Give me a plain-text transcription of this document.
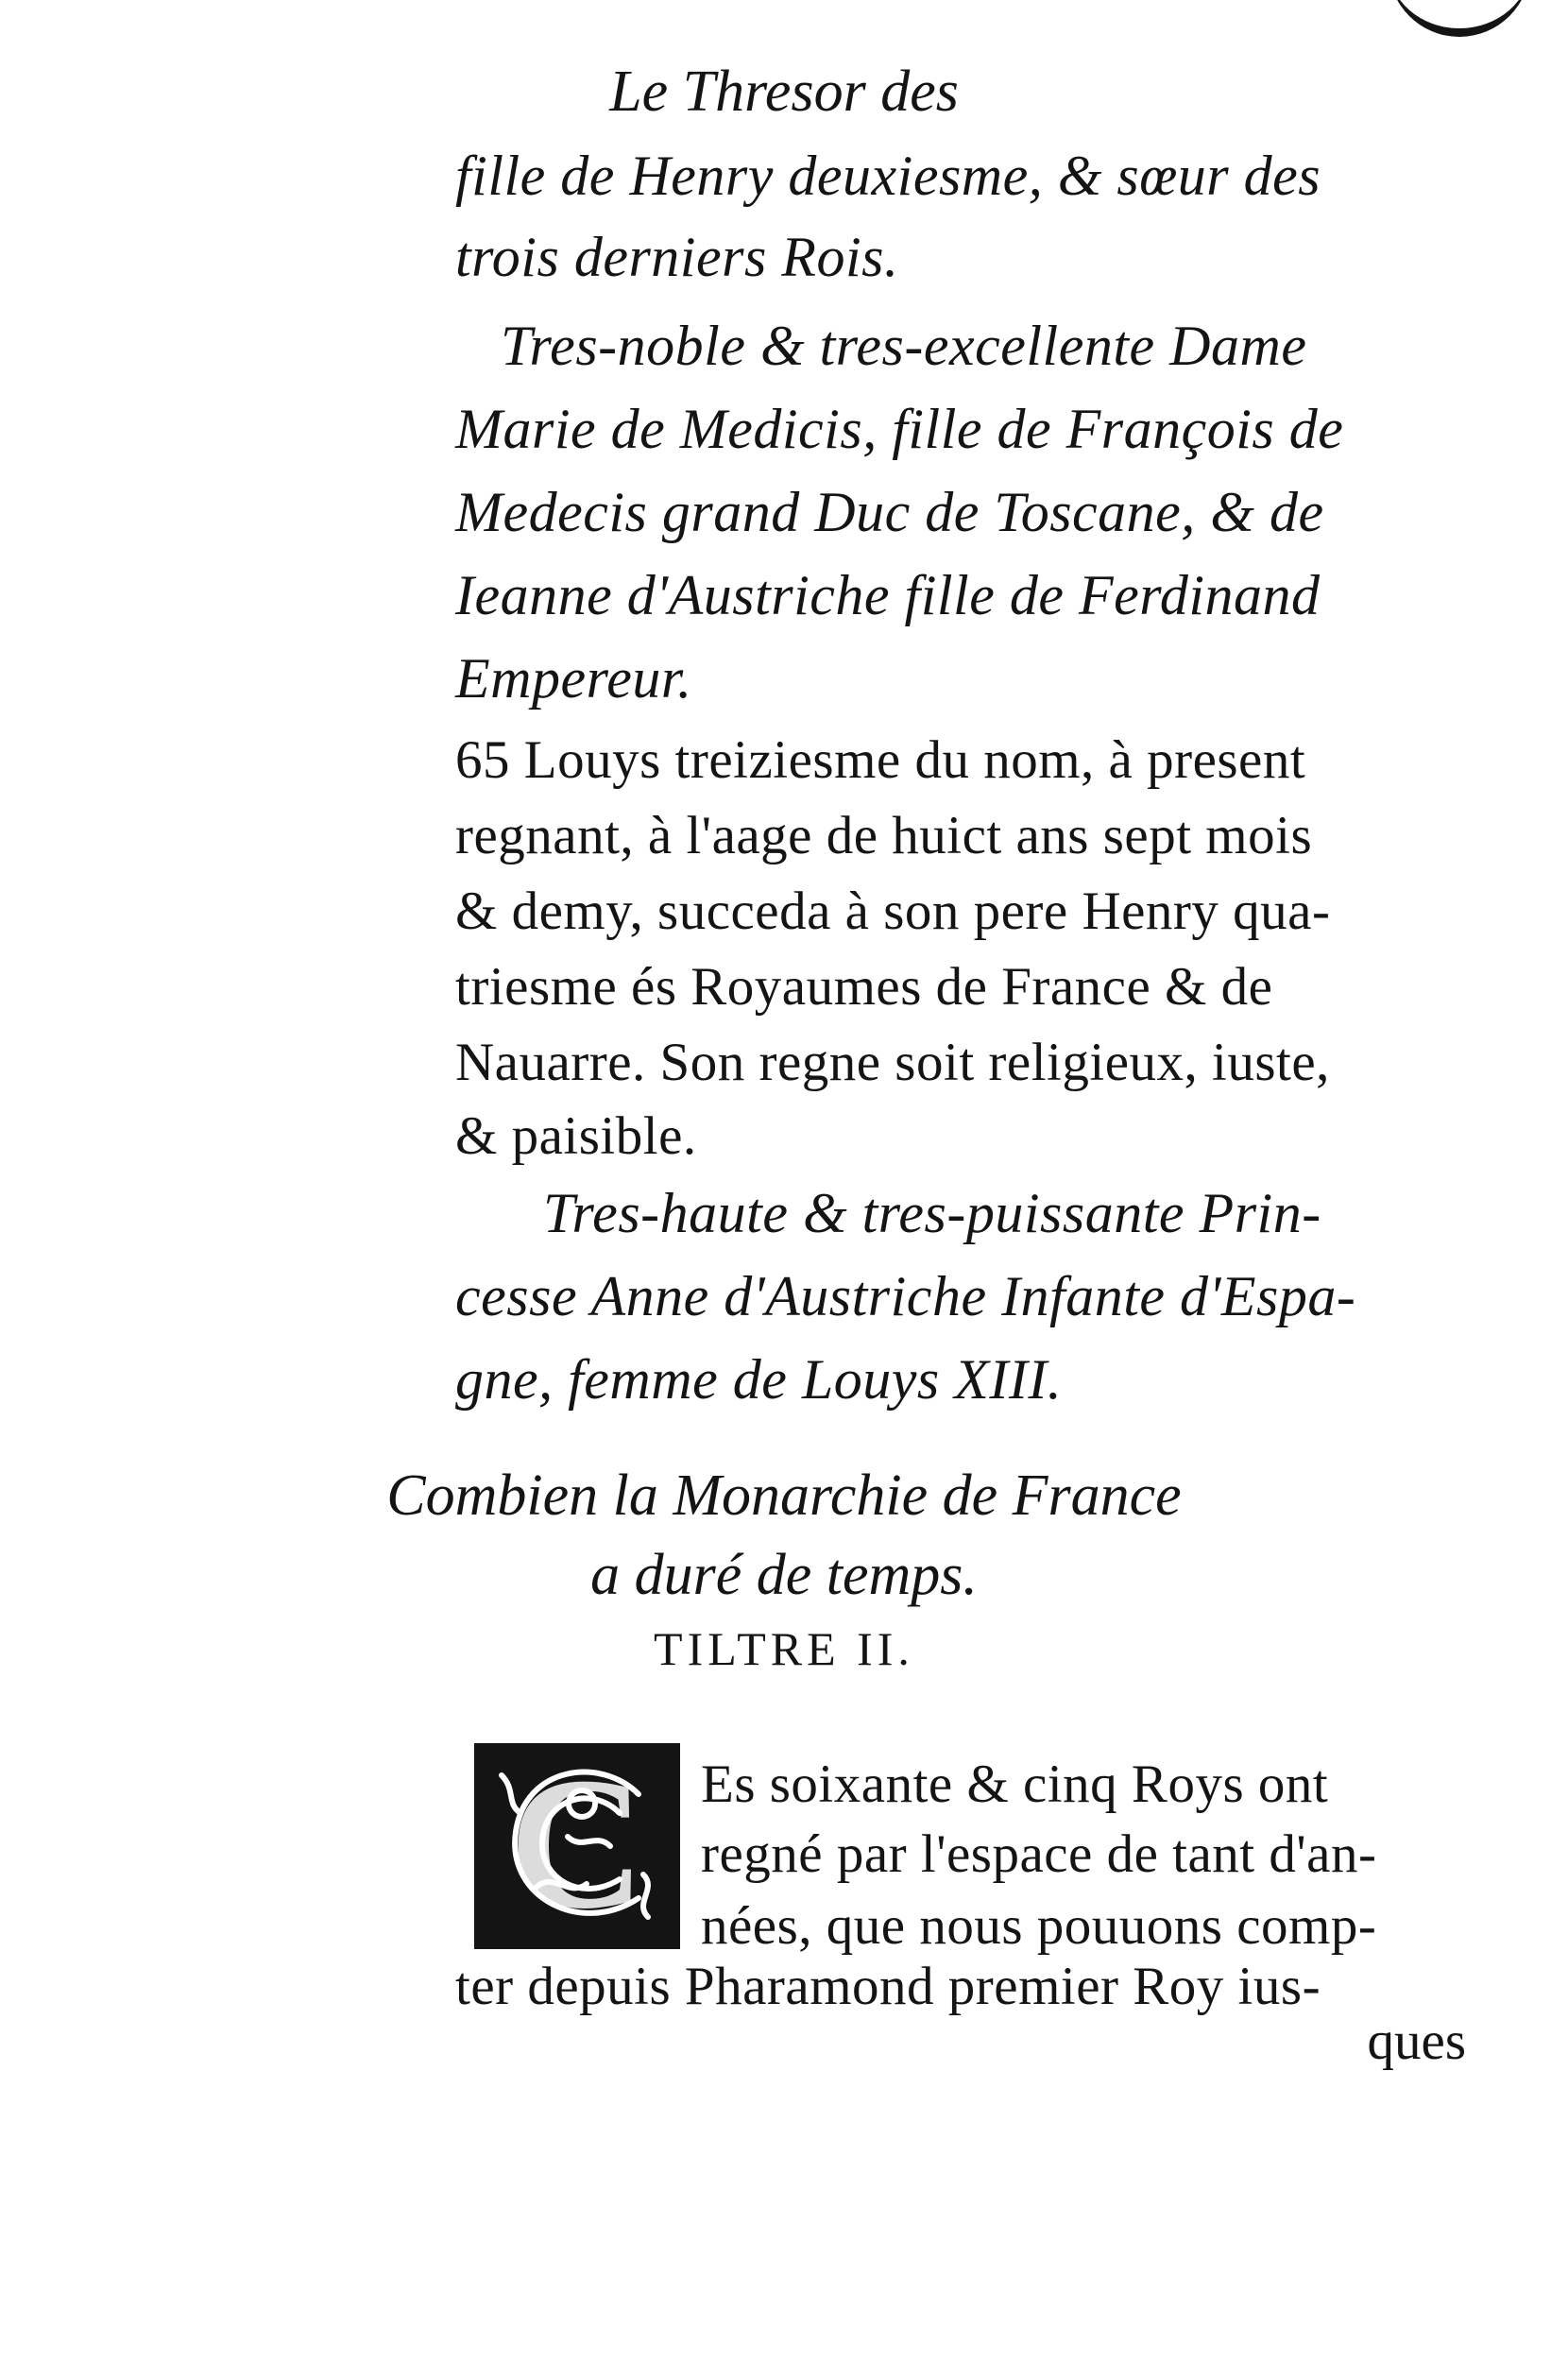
Le Thresor des
fille de Henry deuxiesme, & sœur des
trois derniers Rois.
Tres-noble & tres-excellente Dame
Marie de Medicis, fille de François de
Medecis grand Duc de Toscane, & de
Ieanne d'Austriche fille de Ferdinand
Empereur.
65 Louys treiziesme du nom, à present
regnant, à l'aage de huict ans sept mois
& demy, succeda à son pere Henry qua-
triesme és Royaumes de France & de
Nauarre. Son regne soit religieux, iuste,
& paisible.
Tres-haute & tres-puissante Prin-
cesse Anne d'Austriche Infante d'Espa-
gne, femme de Louys XIII.
Combien la Monarchie de France
a duré de temps.
TILTRE II.
C	Es soixante & cinq Roys ont
regné par l'espace de tant d'an-
nées, que nous pouuons comp-
ter depuis Pharamond premier Roy ius-
ques
